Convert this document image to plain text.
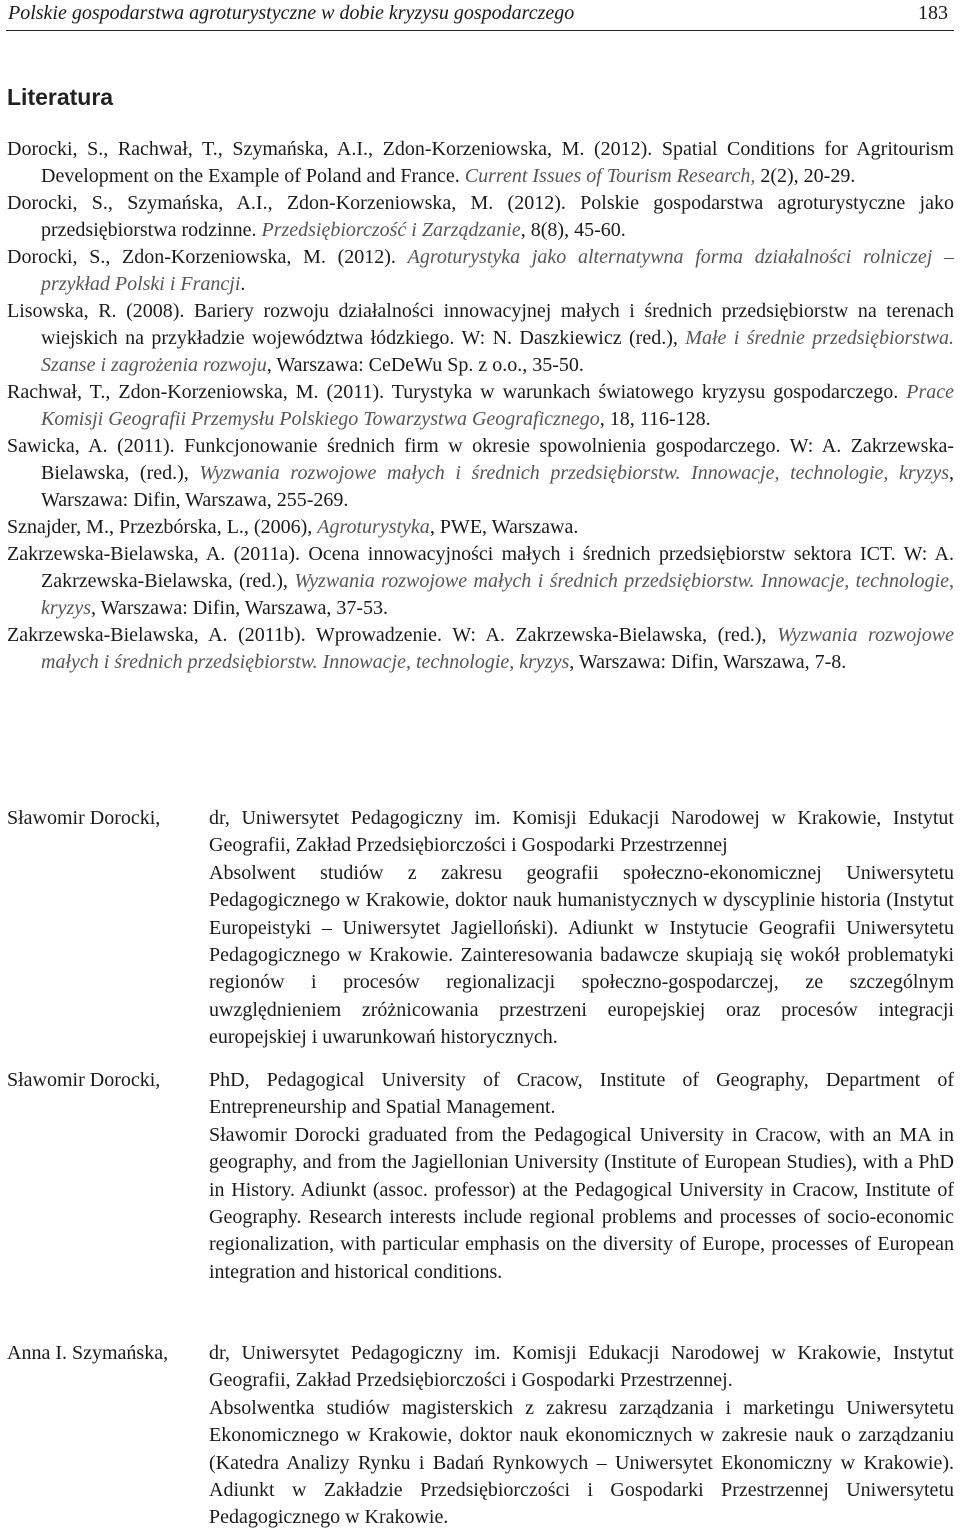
Polskie gospodarstwa agroturystyczne w dobie kryzysu gospodarczego	183
Literatura
Dorocki, S., Rachwał, T., Szymańska, A.I., Zdon-Korzeniowska, M. (2012). Spatial Conditions for Agritourism Development on the Example of Poland and France. Current Issues of Tourism Research, 2(2), 20-29.
Dorocki, S., Szymańska, A.I., Zdon-Korzeniowska, M. (2012). Polskie gospodarstwa agroturystyczne jako przedsiębiorstwa rodzinne. Przedsiębiorczość i Zarządzanie, 8(8), 45-60.
Dorocki, S., Zdon-Korzeniowska, M. (2012). Agroturystyka jako alternatywna forma działalności rolniczej – przykład Polski i Francji.
Lisowska, R. (2008). Bariery rozwoju działalności innowacyjnej małych i średnich przedsiębiorstw na terenach wiejskich na przykładzie województwa łódzkiego. W: N. Daszkiewicz (red.), Małe i średnie przedsiębiorstwa. Szanse i zagrożenia rozwoju, Warszawa: CeDeWu Sp. z o.o., 35-50.
Rachwał, T., Zdon-Korzeniowska, M. (2011). Turystyka w warunkach światowego kryzysu gospodarczego. Prace Komisji Geografii Przemysłu Polskiego Towarzystwa Geograficznego, 18, 116-128.
Sawicka, A. (2011). Funkcjonowanie średnich firm w okresie spowolnienia gospodarczego. W: A. Zakrzewska-Bielawska, (red.), Wyzwania rozwojowe małych i średnich przedsiębiorstw. Innowacje, technologie, kryzys, Warszawa: Difin, Warszawa, 255-269.
Sznajder, M., Przezbórska, L., (2006), Agroturystyka, PWE, Warszawa.
Zakrzewska-Bielawska, A. (2011a). Ocena innowacyjności małych i średnich przedsiębiorstw sektora ICT. W: A. Zakrzewska-Bielawska, (red.), Wyzwania rozwojowe małych i średnich przedsiębiorstw. Innowacje, technologie, kryzys, Warszawa: Difin, Warszawa, 37-53.
Zakrzewska-Bielawska, A. (2011b). Wprowadzenie. W: A. Zakrzewska-Bielawska, (red.), Wyzwania rozwojowe małych i średnich przedsiębiorstw. Innowacje, technologie, kryzys, Warszawa: Difin, Warszawa, 7-8.
Sławomir Dorocki, dr, Uniwersytet Pedagogiczny im. Komisji Edukacji Narodowej w Krakowie, Instytut Geografii, Zakład Przedsiębiorczości i Gospodarki Przestrzennej

Absolwent studiów z zakresu geografii społeczno-ekonomicznej Uniwersytetu Pedagogicznego w Krakowie, doktor nauk humanistycznych w dyscyplinie historia (Instytut Europeistyki – Uniwersytet Jagielloński). Adiunkt w Instytucie Geografii Uniwersytetu Pedagogicznego w Krakowie. Zainteresowania badawcze skupiają się wokół problematyki regionów i procesów regionalizacji społeczno-gospodarczej, ze szczególnym uwzględnieniem zróżnicowania przestrzeni europejskiej oraz procesów integracji europejskiej i uwarunkowań historycznych.

Sławomir Dorocki, PhD, Pedagogical University of Cracow, Institute of Geography, Department of Entrepreneurship and Spatial Management.

Sławomir Dorocki graduated from the Pedagogical University in Cracow, with an MA in geography, and from the Jagiellonian University (Institute of European Studies), with a PhD in History. Adiunkt (assoc. professor) at the Pedagogical University in Cracow, Institute of Geography. Research interests include regional problems and processes of socio-economic regionalization, with particular emphasis on the diversity of Europe, processes of European integration and historical conditions.

Anna I. Szymańska, dr, Uniwersytet Pedagogiczny im. Komisji Edukacji Narodowej w Krakowie, Instytut Geografii, Zakład Przedsiębiorczości i Gospodarki Przestrzennej.

Absolwentka studiów magisterskich z zakresu zarządzania i marketingu Uniwersytetu Ekonomicznego w Krakowie, doktor nauk ekonomicznych w zakresie nauk o zarządzaniu (Katedra Analizy Rynku i Badań Rynkowych – Uniwersytet Ekonomiczny w Krakowie). Adiunkt w Zakładzie Przedsiębiorczości i Gospodarki Przestrzennej Uniwersytetu Pedagogicznego w Krakowie.
